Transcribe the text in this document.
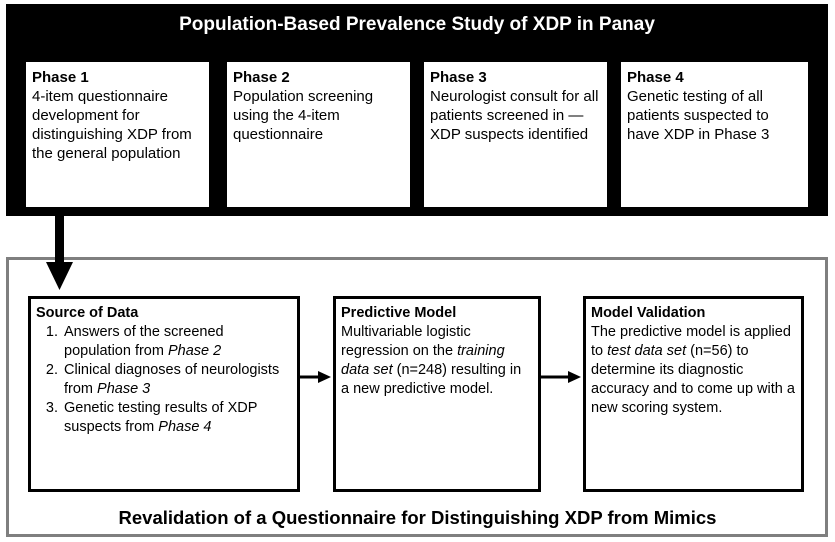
Population-Based Prevalence Study of XDP in Panay
Phase 1
4-item questionnaire development for distinguishing XDP from the general population
Phase 2
Population screening using the 4-item questionnaire
Phase 3
Neurologist consult for all patients screened in — XDP suspects identified
Phase 4
Genetic testing of all patients suspected to have XDP in Phase 3
Source of Data
1. Answers of the screened population from Phase 2
2. Clinical diagnoses of neurologists from Phase 3
3. Genetic testing results of XDP suspects from Phase 4
Predictive Model
Multivariable logistic regression on the training data set (n=248) resulting in a new predictive model.
Model Validation
The predictive model is applied to test data set (n=56) to determine its diagnostic accuracy and to come up with a new scoring system.
Revalidation of a Questionnaire for Distinguishing XDP from Mimics
